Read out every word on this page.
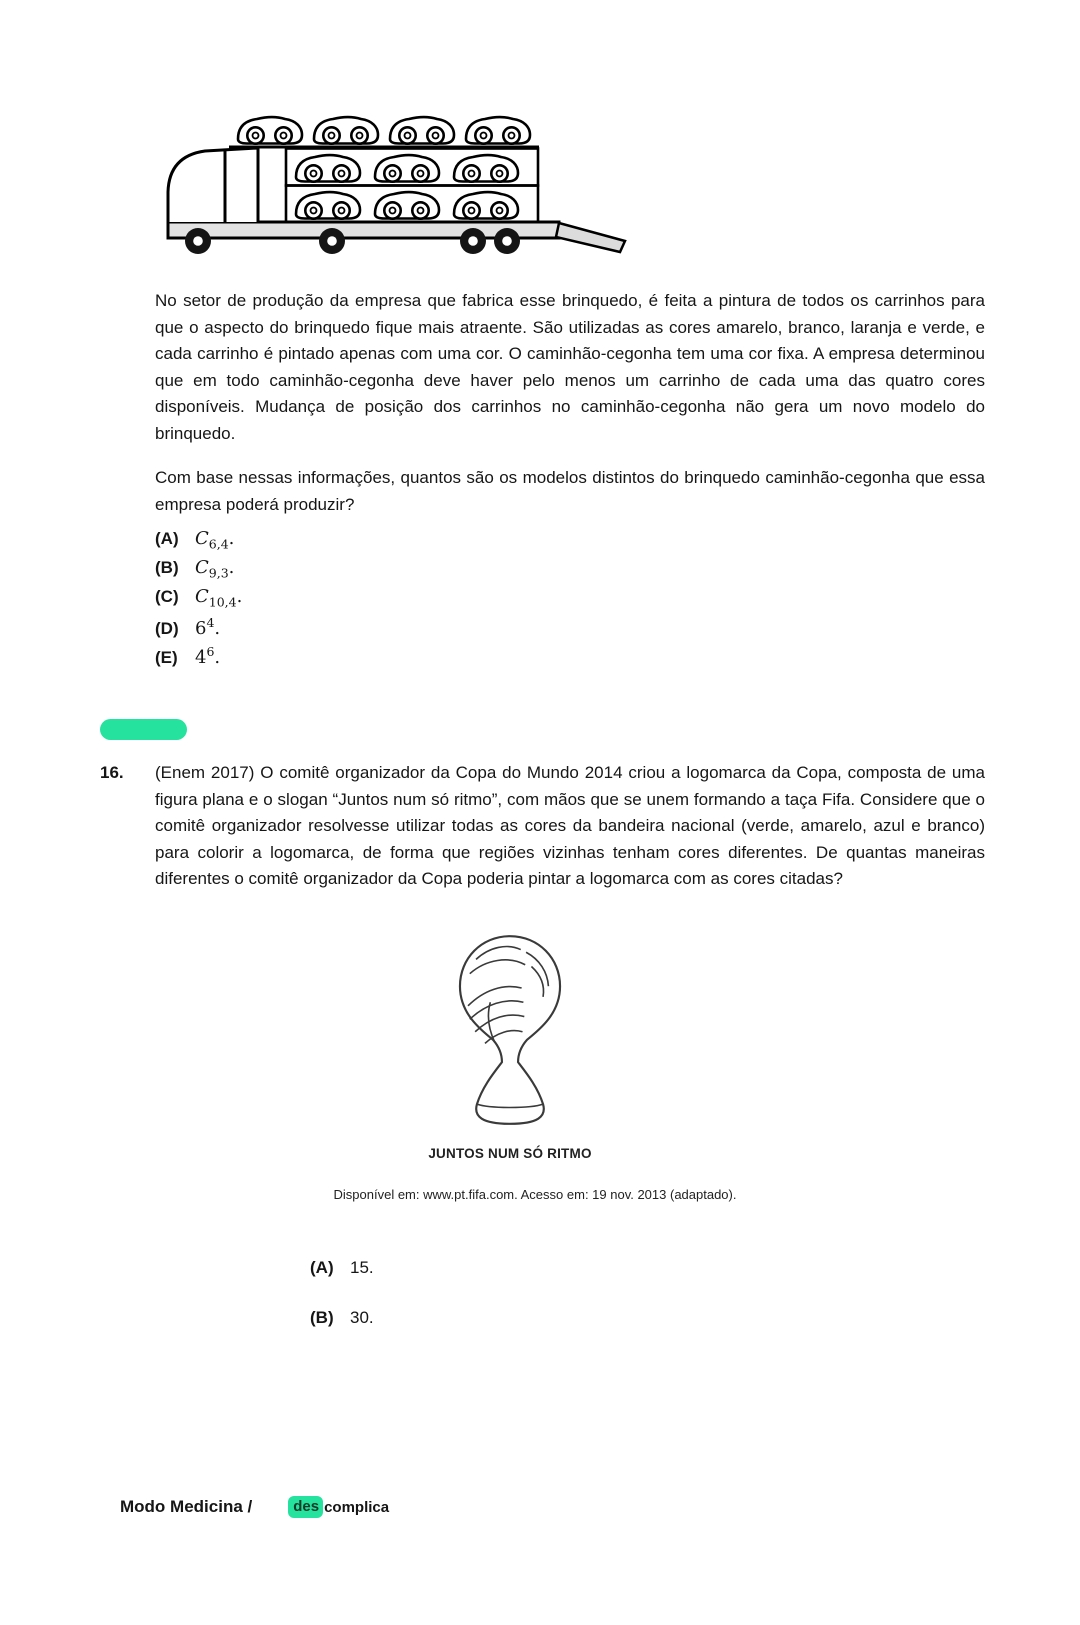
No setor de produção da empresa que fabrica esse brinquedo, é feita a pintura de todos os carrinhos para que o aspecto do brinquedo fique mais atraente. São utilizadas as cores amarelo, branco, laranja e verde, e cada carrinho é pintado apenas com uma cor. O caminhão-cegonha tem uma cor fixa. A empresa determinou que em todo caminhão-cegonha deve haver pelo menos um carrinho de cada uma das quatro cores disponíveis. Mudança de posição dos carrinhos no caminhão-cegonha não gera um novo modelo do brinquedo.

Com base nessas informações, quantos são os modelos distintos do brinquedo caminhão-cegonha que essa empresa poderá produzir?

(A) $C_{6,4}$.
(B) $C_{9,3}$.
(C) $C_{10,4}$.
(D) $6^4$.
(E) $4^6$.
16.	(Enem 2017) O comitê organizador da Copa do Mundo 2014 criou a logomarca da Copa, composta de uma figura plana e o slogan “Juntos num só ritmo”, com mãos que se unem formando a taça Fifa. Considere que o comitê organizador resolvesse utilizar todas as cores da bandeira nacional (verde, amarelo, azul e branco) para colorir a logomarca, de forma que regiões vizinhas tenham cores diferentes. De quantas maneiras diferentes o comitê organizador da Copa poderia pintar a logomarca com as cores citadas?

JUNTOS NUM SÓ RITMO

Disponível em: www.pt.fifa.com. Acesso em: 19 nov. 2013 (adaptado).

(A) 15.
(B) 30.
Modo Medicina /	des complica
